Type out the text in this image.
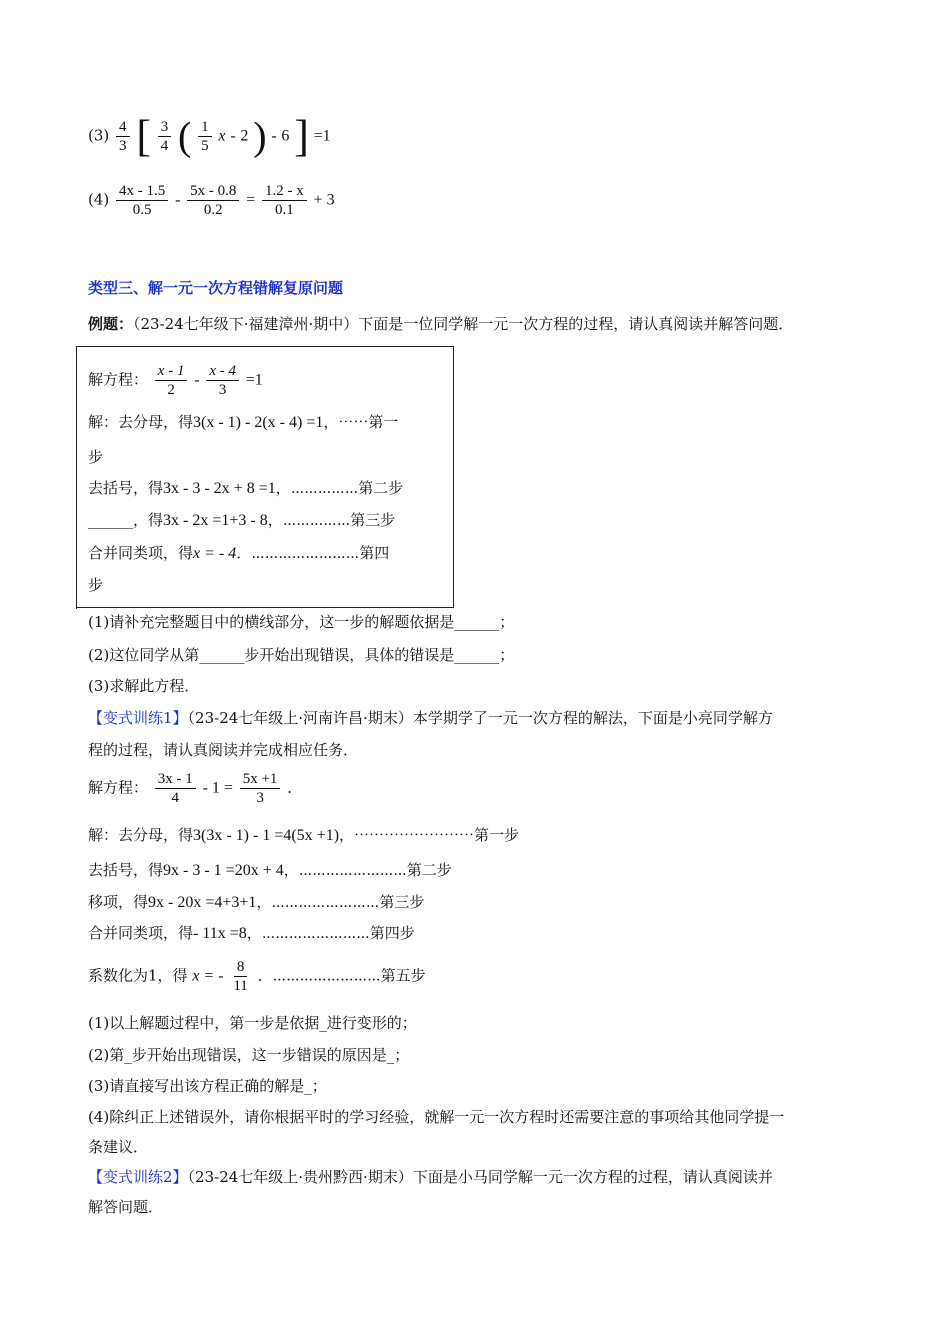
$(3) \frac{4}{3}$ [ $\frac{3}{4}$ ( $\frac{1}{5}$ x - 2 ) - 6 ] =1
$(4) \frac{4x - 1.5}{0.5} - \frac{5x - 0.8}{0.2} = \frac{1.2 - x}{0.1} + 3$
类型三、解一元一次方程错解复原问题
例题：（23-24七年级下·福建漳州·期中）下面是一位同学解一元一次方程的过程，请认真阅读并解答问题．
解方程： $\frac{x - 1}{2} - \frac{x - 4}{3} =1$
解：去分母，得3(x - 1) - 2(x - 4) =1，⋯⋯第一
步
去括号，得3x - 3 - 2x + 8 =1，⋯⋯⋯⋯⋯第二步
______，得3x - 2x =1+3 - 8，⋯⋯⋯⋯⋯第三步
合并同类项，得x = - 4．⋯⋯⋯⋯⋯⋯⋯⋯第四
步
(1)请补充完整题目中的横线部分，这一步的解题依据是______；
(2)这位同学从第______步开始出现错误，具体的错误是______；
(3)求解此方程．
【变式训练1】（23-24七年级上·河南许昌·期末）本学期学了一元一次方程的解法，下面是小亮同学解方
程的过程，请认真阅读并完成相应任务．
解方程： $\frac{3x - 1}{4} - 1 = \frac{5x +1}{3}$ ．
解：去分母，得3(3x - 1) - 1 =4(5x +1)，⋯⋯⋯⋯⋯⋯⋯⋯第一步
去括号，得9x - 3 - 1 =20x + 4，⋯⋯⋯⋯⋯⋯⋯⋯第二步
移项，得9x - 20x =4+3+1，⋯⋯⋯⋯⋯⋯⋯⋯第三步
合并同类项，得- 11x =8，⋯⋯⋯⋯⋯⋯⋯⋯第四步
系数化为1，得 x = - $\frac{8}{11}$ ．⋯⋯⋯⋯⋯⋯⋯⋯第五步
(1)以上解题过程中，第一步是依据_进行变形的；
(2)第_步开始出现错误，这一步错误的原因是_；
(3)请直接写出该方程正确的解是_；
(4)除纠正上述错误外，请你根据平时的学习经验，就解一元一次方程时还需要注意的事项给其他同学提一
条建议．
【变式训练2】（23-24七年级上·贵州黔西·期末）下面是小马同学解一元一次方程的过程，请认真阅读并
解答问题．
